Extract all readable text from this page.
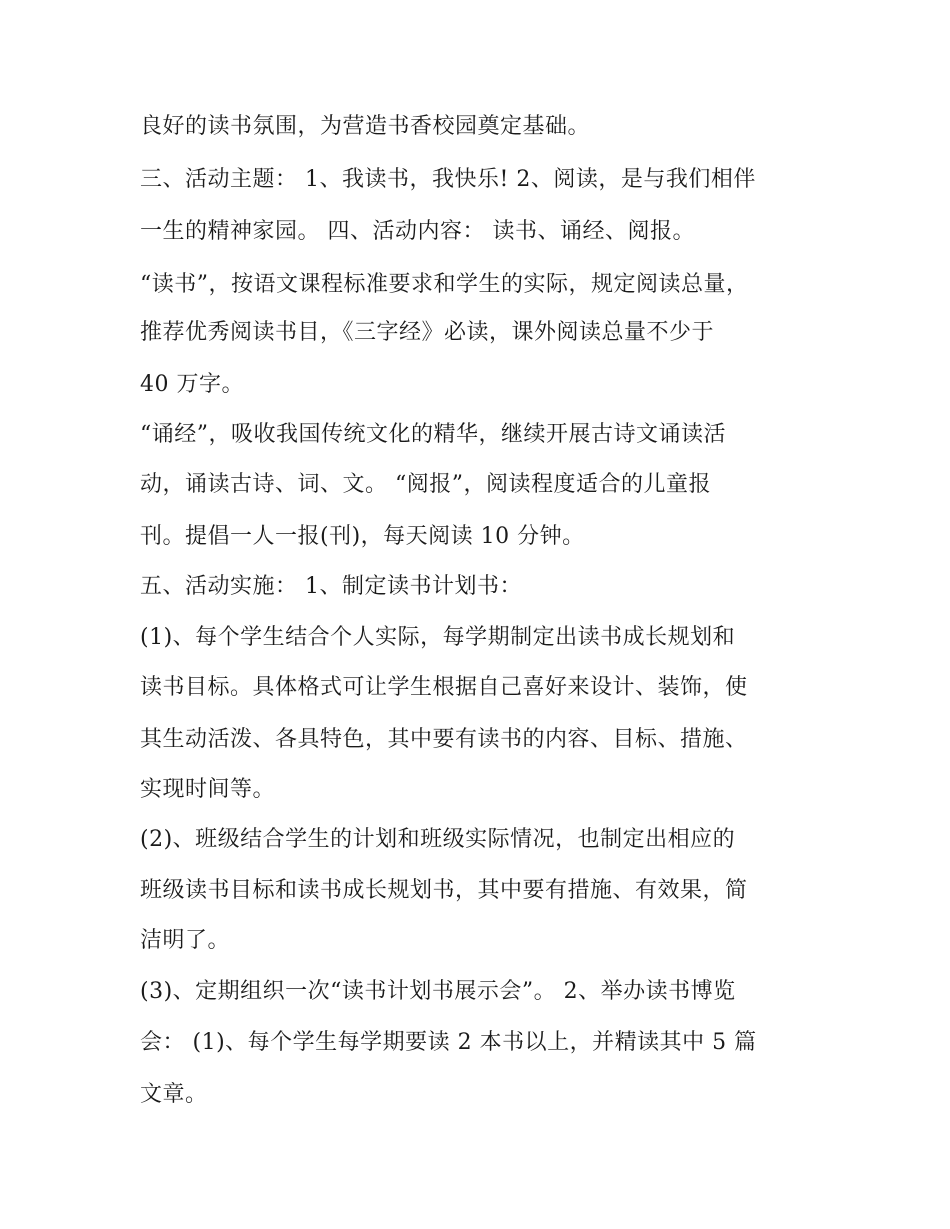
良好的读书氛围，为营造书香校园奠定基础。
三、活动主题： 1、我读书，我快乐! 2、阅读，是与我们相伴
一生的精神家园。 四、活动内容： 读书、诵经、阅报。
“读书”，按语文课程标准要求和学生的实际，规定阅读总量，
推荐优秀阅读书目，《三字经》必读，课外阅读总量不少于
40 万字。
“诵经”，吸收我国传统文化的精华，继续开展古诗文诵读活
动，诵读古诗、词、文。 “阅报”，阅读程度适合的儿童报
刊。提倡一人一报(刊)，每天阅读 10 分钟。
五、活动实施： 1、制定读书计划书：
(1)、每个学生结合个人实际，每学期制定出读书成长规划和
读书目标。具体格式可让学生根据自己喜好来设计、装饰，使
其生动活泼、各具特色，其中要有读书的内容、目标、措施、
实现时间等。
(2)、班级结合学生的计划和班级实际情况，也制定出相应的
班级读书目标和读书成长规划书，其中要有措施、有效果，简
洁明了。
(3)、定期组织一次“读书计划书展示会”。 2、举办读书博览
会： (1)、每个学生每学期要读 2 本书以上，并精读其中 5 篇
文章。
